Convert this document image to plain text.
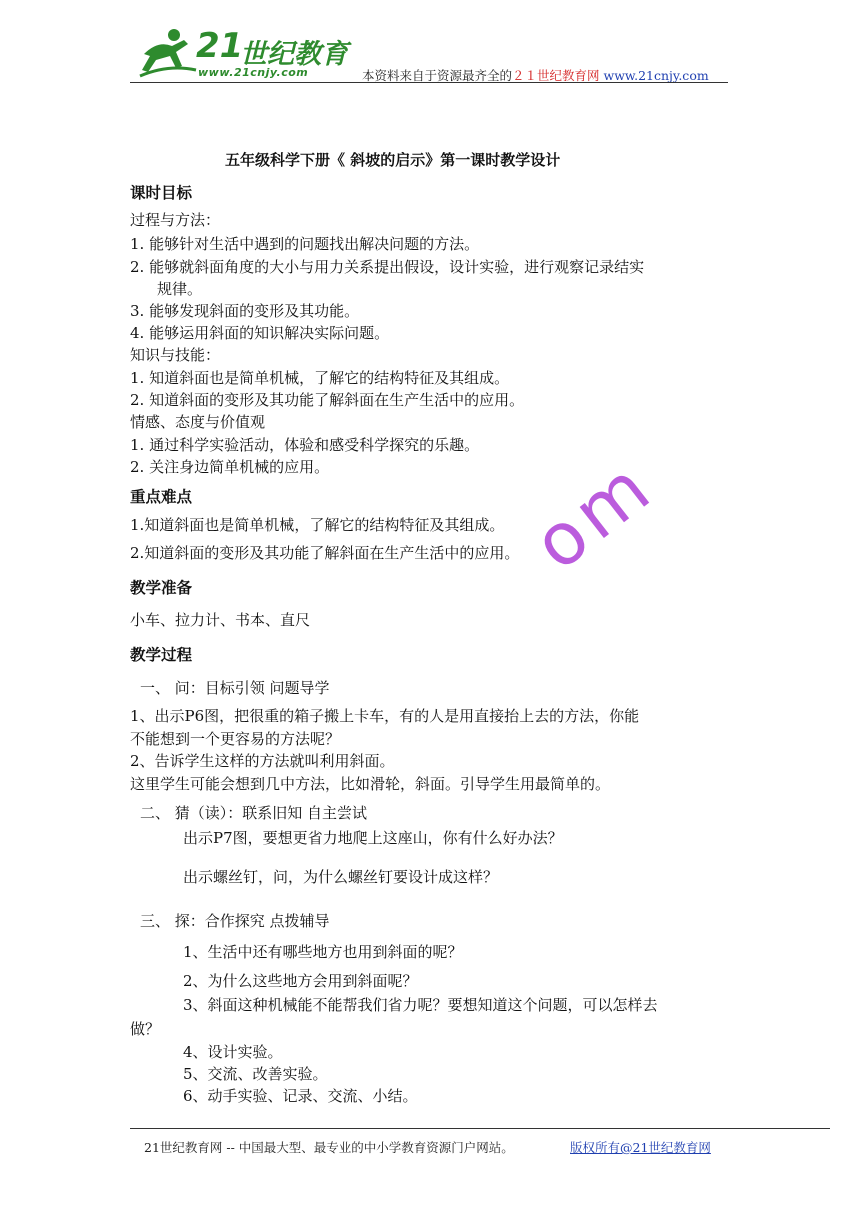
21
世纪教育
www.21cnjy.com	本资料来自于资源最齐全的２１世纪教育网 www.21cnjy.com
五年级科学下册《 斜坡的启示》第一课时教学设计
课时目标
过程与方法：
1. 能够针对生活中遇到的问题找出解决问题的方法。
2. 能够就斜面角度的大小与用力关系提出假设，设计实验，进行观察记录结实
规律。
3. 能够发现斜面的变形及其功能。
4. 能够运用斜面的知识解决实际问题。
知识与技能：
1. 知道斜面也是简单机械，了解它的结构特征及其组成。
2. 知道斜面的变形及其功能了解斜面在生产生活中的应用。
情感、态度与价值观
1. 通过科学实验活动，体验和感受科学探究的乐趣。
2. 关注身边简单机械的应用。
重点难点
1.知道斜面也是简单机械，了解它的结构特征及其组成。
2.知道斜面的变形及其功能了解斜面在生产生活中的应用。
教学准备
小车、拉力计、书本、直尺
教学过程
一、 问：目标引领 问题导学
1、出示P6图，把很重的箱子搬上卡车，有的人是用直接抬上去的方法，你能
不能想到一个更容易的方法呢？
2、告诉学生这样的方法就叫利用斜面。
这里学生可能会想到几中方法，比如滑轮，斜面。引导学生用最简单的。
二、 猜（读）：联系旧知 自主尝试
出示P7图，要想更省力地爬上这座山，你有什么好办法？
出示螺丝钉，问，为什么螺丝钉要设计成这样？
三、 探：合作探究 点拨辅导
1、生活中还有哪些地方也用到斜面的呢？
2、为什么这些地方会用到斜面呢？
3、斜面这种机械能不能帮我们省力呢？要想知道这个问题，可以怎样去
做？
4、设计实验。
5、交流、改善实验。
6、动手实验、记录、交流、小结。
om
21世纪教育网 -- 中国最大型、最专业的中小学教育资源门户网站。	版权所有@21世纪教育网
